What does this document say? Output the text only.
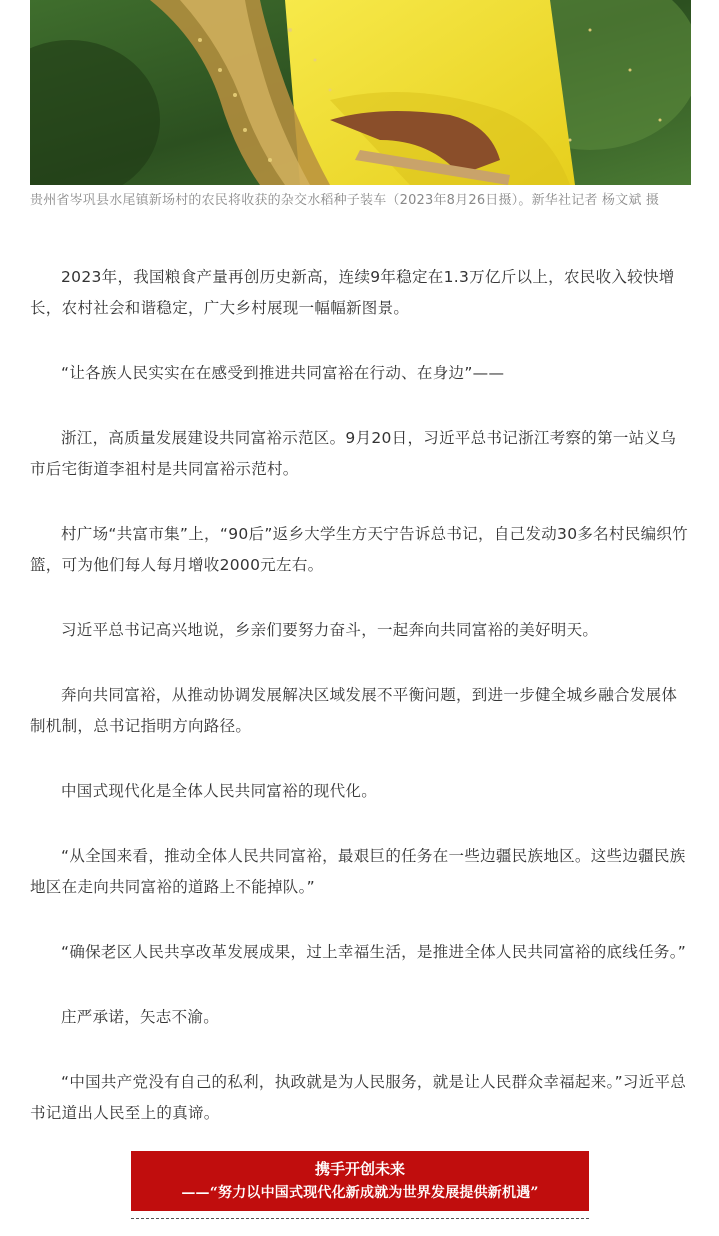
贵州省岑巩县水尾镇新场村的农民将收获的杂交水稻种子装车（2023年8月26日摄）。新华社记者 杨文斌 摄

2023年，我国粮食产量再创历史新高，连续9年稳定在1.3万亿斤以上，农民收入较快增长，农村社会和谐稳定，广大乡村展现一幅幅新图景。

“让各族人民实实在在感受到推进共同富裕在行动、在身边”——

浙江，高质量发展建设共同富裕示范区。9月20日，习近平总书记浙江考察的第一站义乌市后宅街道李祖村是共同富裕示范村。

村广场“共富市集”上，“90后”返乡大学生方天宁告诉总书记，自己发动30多名村民编织竹篮，可为他们每人每月增收2000元左右。

习近平总书记高兴地说，乡亲们要努力奋斗，一起奔向共同富裕的美好明天。

奔向共同富裕，从推动协调发展解决区域发展不平衡问题，到进一步健全城乡融合发展体制机制，总书记指明方向路径。

中国式现代化是全体人民共同富裕的现代化。

“从全国来看，推动全体人民共同富裕，最艰巨的任务在一些边疆民族地区。这些边疆民族地区在走向共同富裕的道路上不能掉队。”

“确保老区人民共享改革发展成果，过上幸福生活，是推进全体人民共同富裕的底线任务。”

庄严承诺，矢志不渝。

“中国共产党没有自己的私利，执政就是为人民服务，就是让人民群众幸福起来。”习近平总书记道出人民至上的真谛。

携手开创未来
——“努力以中国式现代化新成就为世界发展提供新机遇”
